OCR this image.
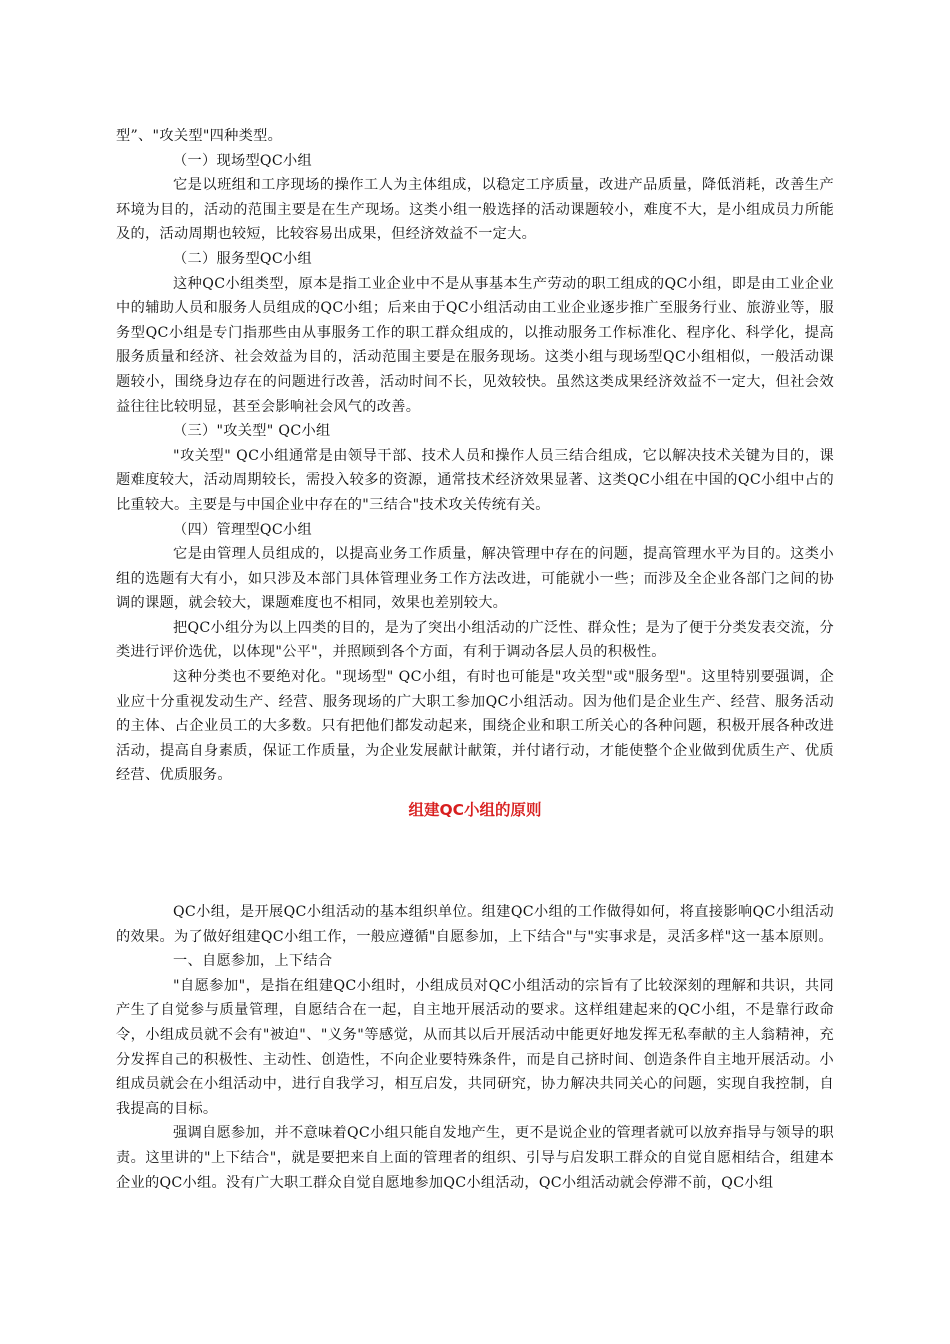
型”、"攻关型"四种类型。

（一）现场型QC小组

它是以班组和工序现场的操作工人为主体组成，以稳定工序质量，改进产品质量，降低消耗，改善生产环境为目的，活动的范围主要是在生产现场。这类小组一般选择的活动课题较小，难度不大，是小组成员力所能及的，活动周期也较短，比较容易出成果，但经济效益不一定大。

（二）服务型QC小组

这种QC小组类型，原本是指工业企业中不是从事基本生产劳动的职工组成的QC小组，即是由工业企业中的辅助人员和服务人员组成的QC小组；后来由于QC小组活动由工业企业逐步推广至服务行业、旅游业等，服务型QC小组是专门指那些由从事服务工作的职工群众组成的，以推动服务工作标准化、程序化、科学化，提高服务质量和经济、社会效益为目的，活动范围主要是在服务现场。这类小组与现场型QC小组相似，一般活动课题较小，围绕身边存在的问题进行改善，活动时间不长，见效较快。虽然这类成果经济效益不一定大，但社会效益往往比较明显，甚至会影响社会风气的改善。

（三）"攻关型" QC小组

"攻关型" QC小组通常是由领导干部、技术人员和操作人员三结合组成，它以解决技术关键为目的，课题难度较大，活动周期较长，需投入较多的资源，通常技术经济效果显著、这类QC小组在中国的QC小组中占的比重较大。主要是与中国企业中存在的"三结合"技术攻关传统有关。

（四）管理型QC小组

它是由管理人员组成的，以提高业务工作质量，解决管理中存在的问题，提高管理水平为目的。这类小组的选题有大有小，如只涉及本部门具体管理业务工作方法改进，可能就小一些；而涉及全企业各部门之间的协调的课题，就会较大，课题难度也不相同，效果也差别较大。

把QC小组分为以上四类的目的，是为了突出小组活动的广泛性、群众性；是为了便于分类发表交流，分类进行评价选优，以体现"公平"，并照顾到各个方面，有利于调动各层人员的积极性。

这种分类也不要绝对化。"现场型" QC小组，有时也可能是"攻关型"或"服务型"。这里特别要强调，企业应十分重视发动生产、经营、服务现场的广大职工参加QC小组活动。因为他们是企业生产、经营、服务活动的主体、占企业员工的大多数。只有把他们都发动起来，围绕企业和职工所关心的各种问题，积极开展各种改进活动，提高自身素质，保证工作质量，为企业发展献计献策，并付诸行动，才能使整个企业做到优质生产、优质经营、优质服务。

组建QC小组的原则

QC小组，是开展QC小组活动的基本组织单位。组建QC小组的工作做得如何，将直接影响QC小组活动的效果。为了做好组建QC小组工作，一般应遵循"自愿参加，上下结合"与"实事求是，灵活多样"这一基本原则。

一、自愿参加，上下结合

"自愿参加"，是指在组建QC小组时，小组成员对QC小组活动的宗旨有了比较深刻的理解和共识，共同产生了自觉参与质量管理，自愿结合在一起，自主地开展活动的要求。这样组建起来的QC小组，不是靠行政命令，小组成员就不会有"被迫"、"义务"等感觉，从而其以后开展活动中能更好地发挥无私奉献的主人翁精神，充分发挥自己的积极性、主动性、创造性，不向企业要特殊条件，而是自己挤时间、创造条件自主地开展活动。小组成员就会在小组活动中，进行自我学习，相互启发，共同研究，协力解决共同关心的问题，实现自我控制，自我提高的目标。

强调自愿参加，并不意味着QC小组只能自发地产生，更不是说企业的管理者就可以放弃指导与领导的职责。这里讲的"上下结合"，就是要把来自上面的管理者的组织、引导与启发职工群众的自觉自愿相结合，组建本企业的QC小组。没有广大职工群众自觉自愿地参加QC小组活动，QC小组活动就会停滞不前，QC小组
